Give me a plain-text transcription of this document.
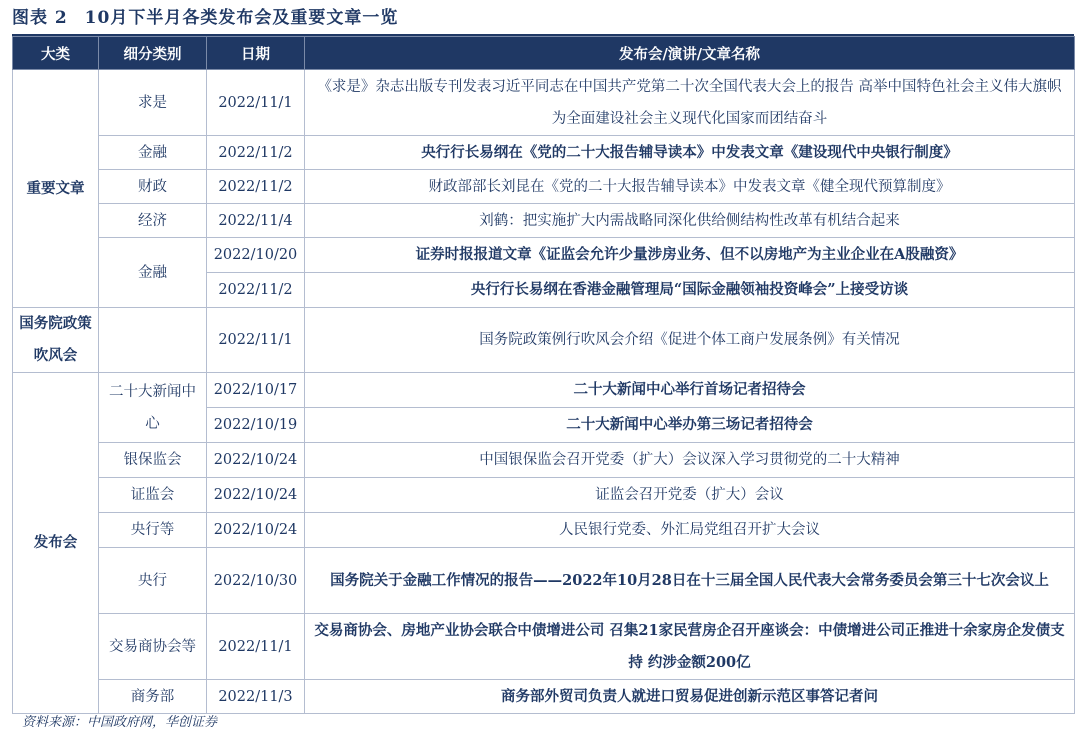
图表 2 10月下半月各类发布会及重要文章一览
大类	细分类别	日期	发布会/演讲/文章名称
重要文章	求是	2022/11/1	《求是》杂志出版专刊发表习近平同志在中国共产党第二十次全国代表大会上的报告 高举中国特色社会主义伟大旗帜 为全面建设社会主义现代化国家而团结奋斗
	金融	2022/11/2	央行行长易纲在《党的二十大报告辅导读本》中发表文章《建设现代中央银行制度》
	财政	2022/11/2	财政部部长刘昆在《党的二十大报告辅导读本》中发表文章《健全现代预算制度》
	经济	2022/11/4	刘鹤：把实施扩大内需战略同深化供给侧结构性改革有机结合起来
	金融	2022/10/20	证券时报报道文章《证监会允许少量涉房业务、但不以房地产为主业企业在A股融资》
		2022/11/2	央行行长易纲在香港金融管理局“国际金融领袖投资峰会”上接受访谈
国务院政策吹风会		2022/11/1	国务院政策例行吹风会介绍《促进个体工商户发展条例》有关情况
发布会	二十大新闻中心	2022/10/17	二十大新闻中心举行首场记者招待会
		2022/10/19	二十大新闻中心举办第三场记者招待会
	银保监会	2022/10/24	中国银保监会召开党委（扩大）会议深入学习贯彻党的二十大精神
	证监会	2022/10/24	证监会召开党委（扩大）会议
	央行等	2022/10/24	人民银行党委、外汇局党组召开扩大会议
	央行	2022/10/30	国务院关于金融工作情况的报告——2022年10月28日在十三届全国人民代表大会常务委员会第三十七次会议上
	交易商协会等	2022/11/1	交易商协会、房地产业协会联合中债增进公司 召集21家民营房企召开座谈会：中债增进公司正推进十余家房企发债支持 约涉金额200亿
	商务部	2022/11/3	商务部外贸司负责人就进口贸易促进创新示范区事答记者问
资料来源：中国政府网，华创证券
